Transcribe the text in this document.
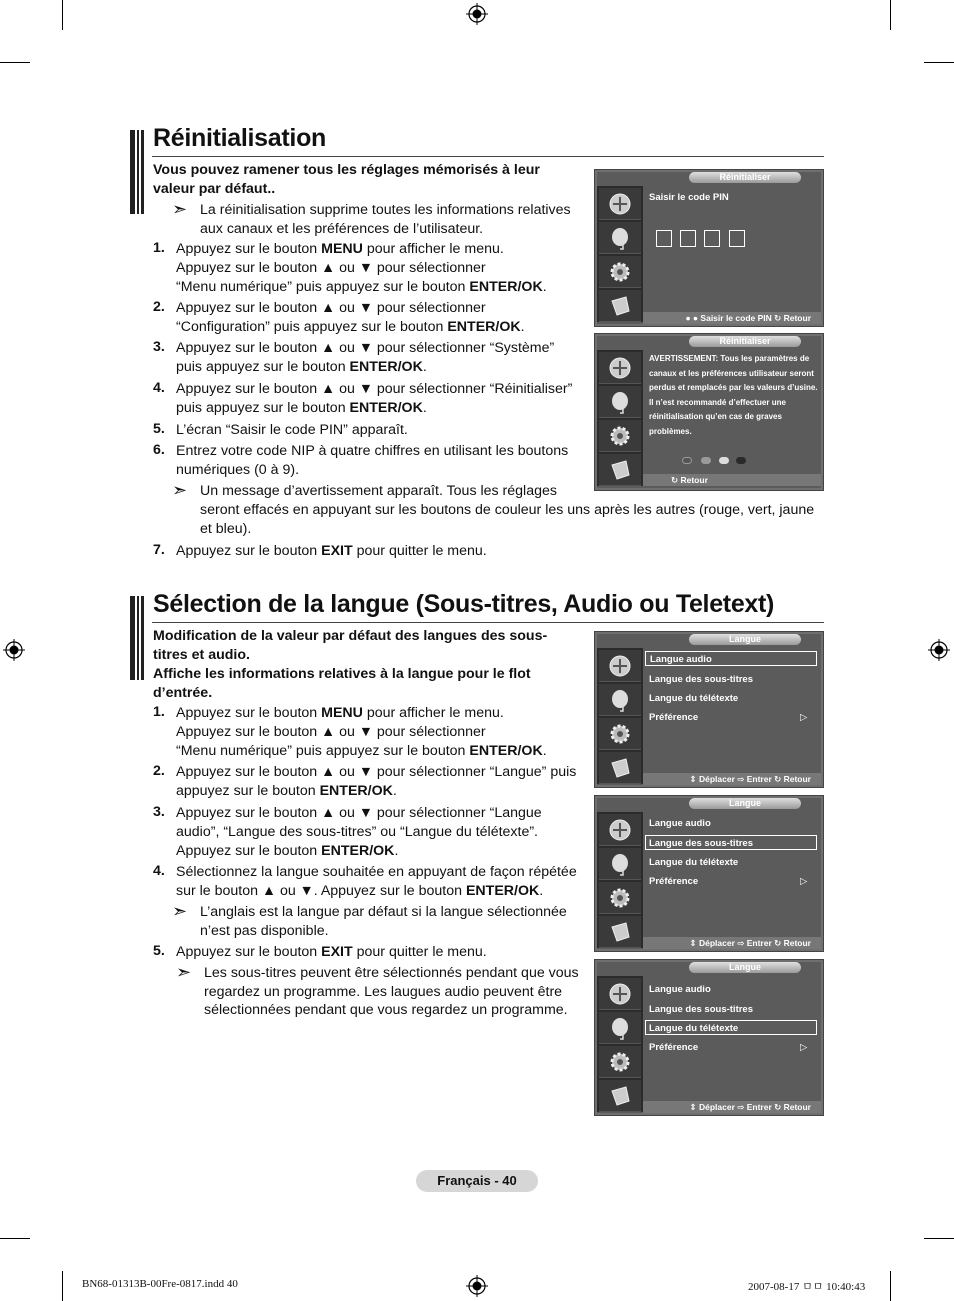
Réinitialisation
Vous pouvez ramener tous les réglages mémorisés à leur valeur par défaut..
➣ La réinitialisation supprime toutes les informations relatives aux canaux et les préférences de l’utilisateur.
1. Appuyez sur le bouton MENU pour afficher le menu.
Appuyez sur le bouton ▲ ou ▼ pour sélectionner
“Menu numérique” puis appuyez sur le bouton ENTER/OK.
2. Appuyez sur le bouton ▲ ou ▼ pour sélectionner
“Configuration” puis appuyez sur le bouton ENTER/OK.
3. Appuyez sur le bouton ▲ ou ▼ pour sélectionner “Système”
puis appuyez sur le bouton ENTER/OK.
4. Appuyez sur le bouton ▲ ou ▼ pour sélectionner “Réinitialiser”
puis appuyez sur le bouton ENTER/OK.
5. L’écran “Saisir le code PIN” apparaît.
6. Entrez votre code NIP à quatre chiffres en utilisant les boutons
numériques (0 à 9).
➣ Un message d’avertissement apparaît. Tous les réglages
seront effacés en appuyant sur les boutons de couleur les uns après les autres (rouge, vert, jaune
et bleu).
7. Appuyez sur le bouton EXIT pour quitter le menu.
Sélection de la langue (Sous-titres, Audio ou Teletext)
Modification de la valeur par défaut des langues des sous-titres et audio.
Affiche les informations relatives à la langue pour le flot d’entrée.
1. Appuyez sur le bouton MENU pour afficher le menu.
Appuyez sur le bouton ▲ ou ▼ pour sélectionner
“Menu numérique” puis appuyez sur le bouton ENTER/OK.
2. Appuyez sur le bouton ▲ ou ▼ pour sélectionner “Langue” puis
appuyez sur le bouton ENTER/OK.
3. Appuyez sur le bouton ▲ ou ▼ pour sélectionner “Langue
audio”, “Langue des sous-titres” ou “Langue du télétexte”.
Appuyez sur le bouton ENTER/OK.
4. Sélectionnez la langue souhaitée en appuyant de façon répétée
sur le bouton ▲ ou ▼. Appuyez sur le bouton ENTER/OK.
➣ L’anglais est la langue par défaut si la langue sélectionnée n’est pas disponible.
5. Appuyez sur le bouton EXIT pour quitter le menu.
➣ Les sous-titres peuvent être sélectionnés pendant que vous regardez un programme. Les laugues audio peuvent être sélectionnées pendant que vous regardez un programme.
Réinitialiser
Saisir le code PIN
● ● Saisir le code PIN ↻ Retour
Réinitialiser
AVERTISSEMENT: Tous les paramètres de canaux et les préférences utilisateur seront perdus et remplacés par les valeurs d’usine. Il n’est recommandé d’effectuer une réinitialisation qu’en cas de graves problèmes.
↻ Retour
Langue
Langue audio
Langue des sous-titres
Langue du télétexte
Préférence	▷
⇕ Déplacer ⇨ Entrer ↻ Retour
Langue
Langue audio
Langue des sous-titres
Langue du télétexte
Préférence	▷
⇕ Déplacer ⇨ Entrer ↻ Retour
Langue
Langue audio
Langue des sous-titres
Langue du télétexte
Préférence	▷
⇕ Déplacer ⇨ Entrer ↻ Retour
Français - 40
BN68-01313B-00Fre-0817.indd 40	2007-08-17 ㅁㅁ 10:40:43
